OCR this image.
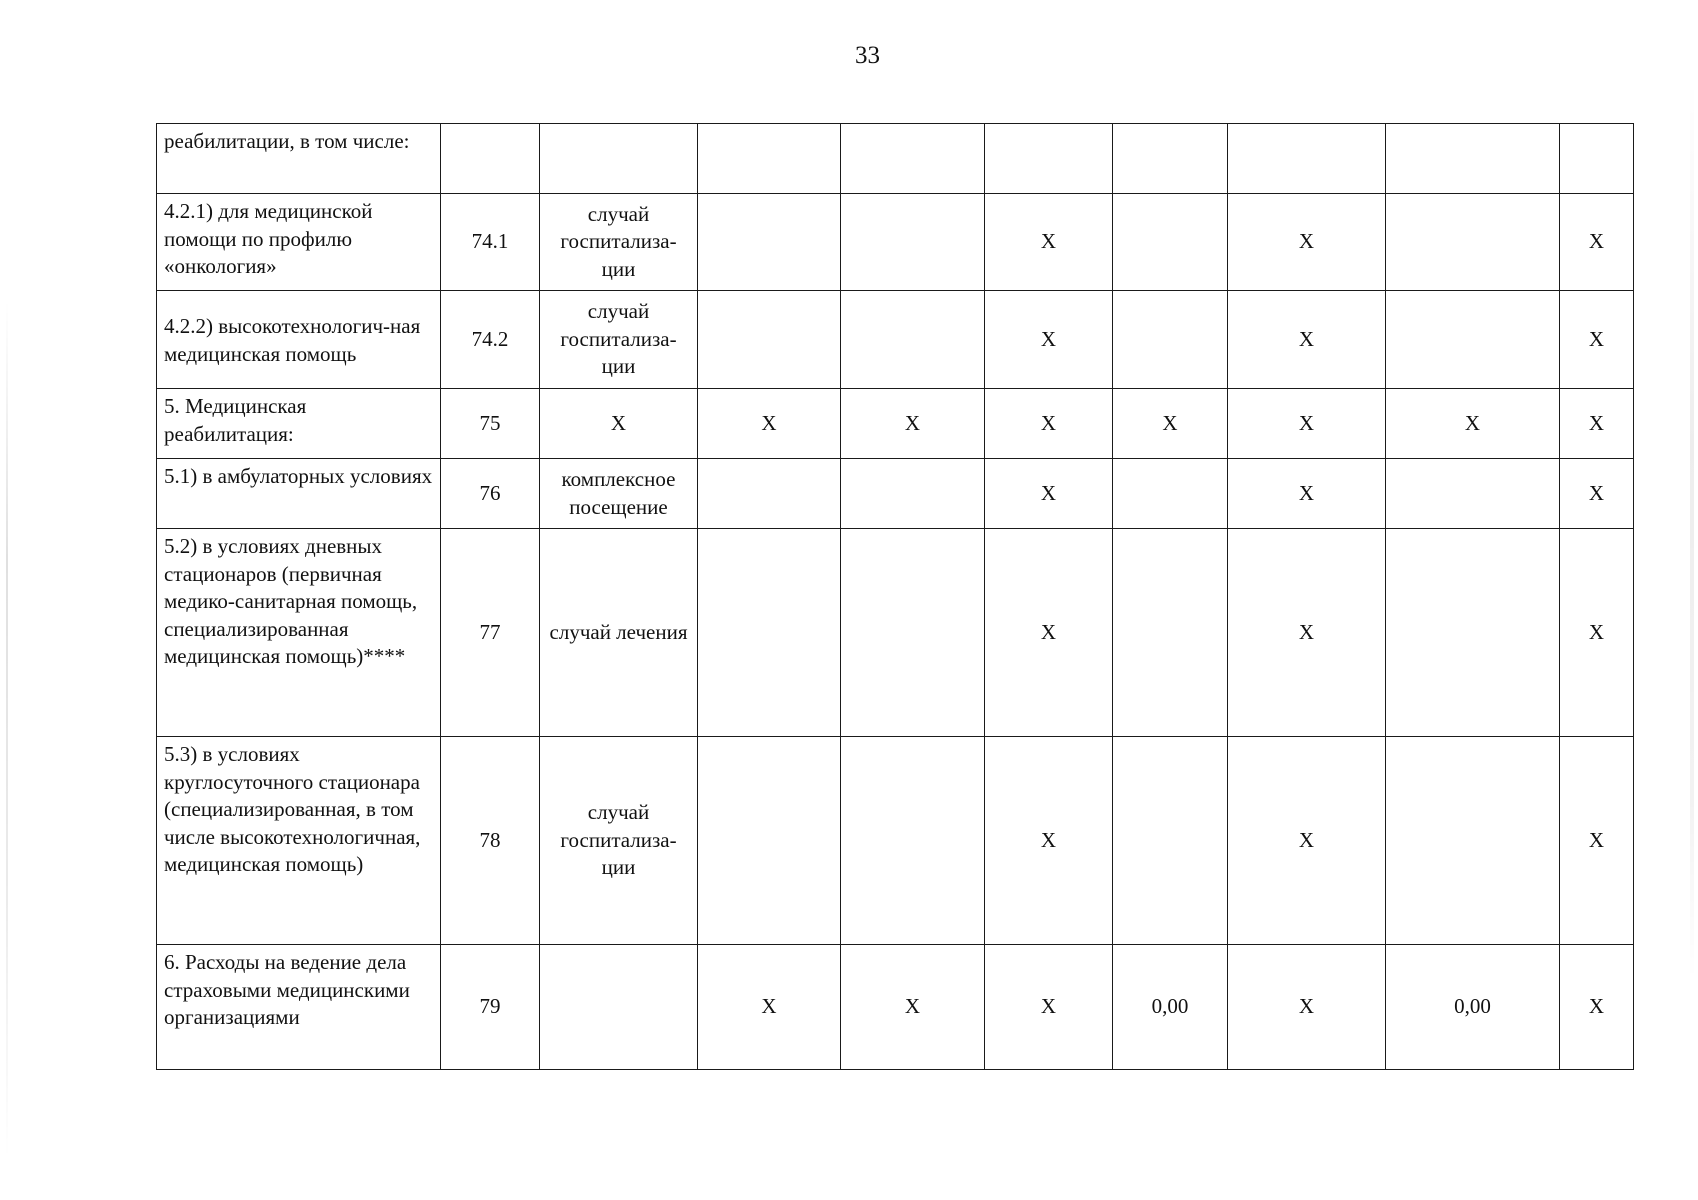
33
реабилитации, в том числе:									
4.2.1) для медицинской помощи по профилю «онкология»	74.1	случай госпитализа-ции			X		X		X
4.2.2) высокотехнологич-ная медицинская помощь	74.2	случай госпитализа-ции			X		X		X
5. Медицинская реабилитация:	75	X	X	X	X	X	X	X	X
5.1) в амбулаторных условиях	76	комплексное посещение			X		X		X
5.2) в условиях дневных стационаров (первичная медико-санитарная помощь, специализированная медицинская помощь)****	77	случай лечения			X		X		X
5.3) в условиях круглосуточного стационара (специализированная, в том числе высокотехнологичная, медицинская помощь)	78	случай госпитализа-ции			X		X		X
6. Расходы на ведение дела страховыми медицинскими организациями	79		X	X	X	0,00	X	0,00	X
